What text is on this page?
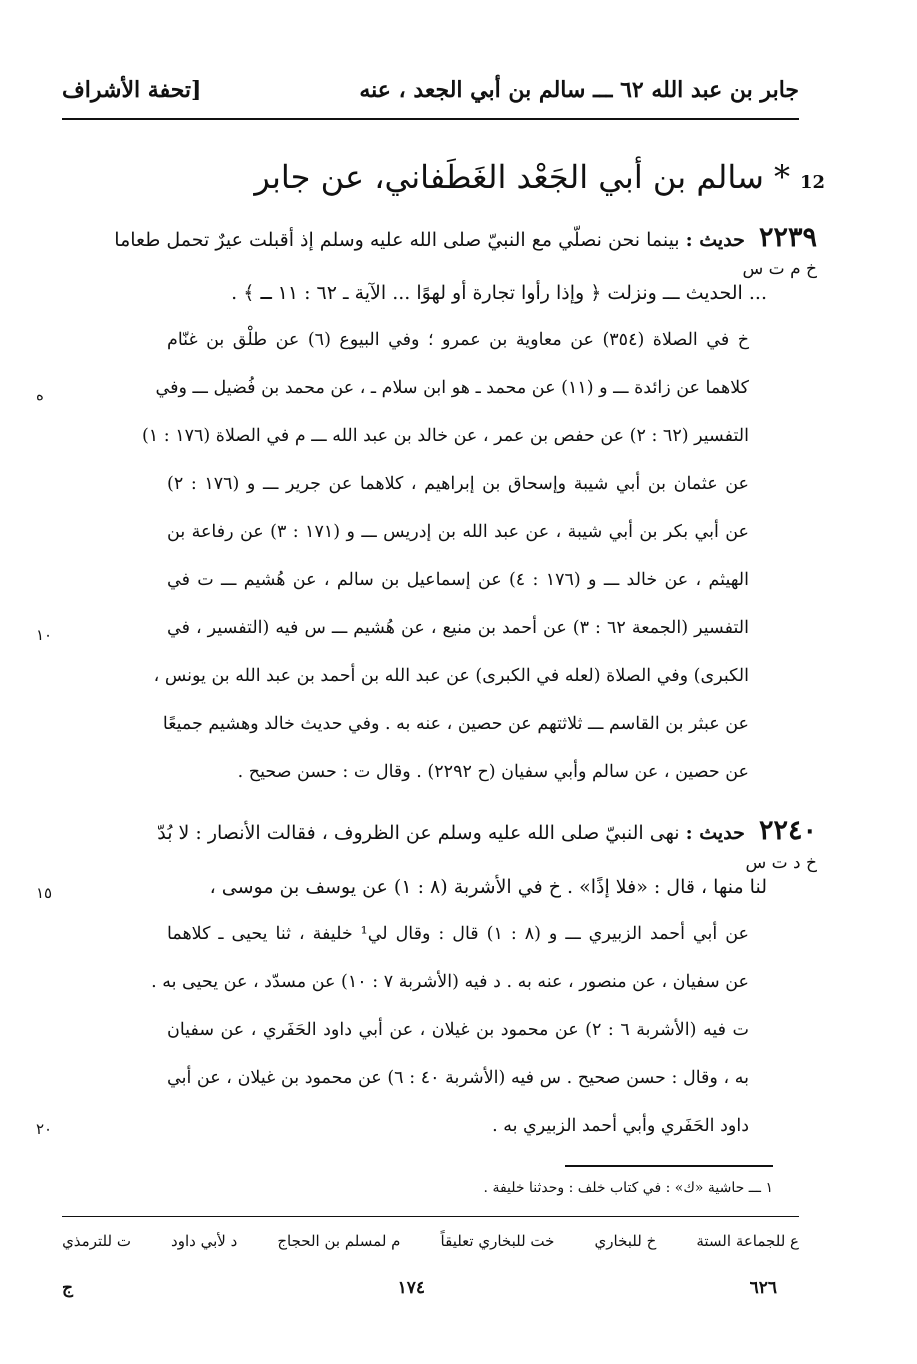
جابر بن عبد الله ٦٢ ـــ سالم بن أبي الجعد ، عنه
[تحفة الأشراف
12
*
سالم بن أبي الجَعْد الغَطَفاني، عن جابر
٢٢٣٩ حديث : بينما نحن نصلّي مع النبيّ صلى الله عليه وسلم إذ أقبلت عيرٌ تحمل طعاما
خ م ت س
... الحديث ـــ ونزلت ﴿ وإذا رأوا تجارة أو لهوًا ... الآية ـ ٦٢ : ١١ ـ ﴾ .
خ في الصلاة (٣٥٤) عن معاوية بن عمرو ؛ وفي البيوع (٦) عن طلْق بن غنّام
كلاهما عن زائدة ـــ و (١١) عن محمد ـ هو ابن سلام ـ ، عن محمد بن فُضيل ـــ وفي
التفسير (٦٢ : ٢) عن حفص بن عمر ، عن خالد بن عبد الله ـــ م في الصلاة (١٧٦ : ١)
عن عثمان بن أبي شيبة وإسحاق بن إبراهيم ، كلاهما عن جرير ـــ و (١٧٦ : ٢)
عن أبي بكر بن أبي شيبة ، عن عبد الله بن إدريس ـــ و (١٧١ : ٣) عن رفاعة بن
الهيثم ، عن خالد ـــ و (١٧٦ : ٤) عن إسماعيل بن سالم ، عن هُشيم ـــ ت في
التفسير (الجمعة ٦٢ : ٣) عن أحمد بن منيع ، عن هُشيم ـــ س فيه (التفسير ، في
الكبرى) وفي الصلاة (لعله في الكبرى) عن عبد الله بن أحمد بن عبد الله بن يونس ،
عن عبثر بن القاسم ـــ ثلاثتهم عن حصين ، عنه به . وفي حديث خالد وهشيم جميعًا
عن حصين ، عن سالم وأبي سفيان (ح ٢٢٩٢) . وقال ت : حسن صحيح .
٢٢٤٠ حديث : نهى النبيّ صلى الله عليه وسلم عن الظروف ، فقالت الأنصار : لا بُدّ
خ د ت س
لنا منها ، قال : «فلا إذًا» . خ في الأشربة (٨ : ١) عن يوسف بن موسى ،
عن أبي أحمد الزبيري ـــ و (٨ : ١) قال : وقال لي¹ خليفة ، ثنا يحيى ـ كلاهما
عن سفيان ، عن منصور ، عنه به . د فيه (الأشربة ٧ : ١٠) عن مسدّد ، عن يحيى به .
ت فيه (الأشربة ٦ : ٢) عن محمود بن غيلان ، عن أبي داود الحَفَري ، عن سفيان
به ، وقال : حسن صحيح . س فيه (الأشربة ٤٠ : ٦) عن محمود بن غيلان ، عن أبي
داود الحَفَري وأبي أحمد الزبيري به .
ه
١٠
١٥
٢٠
١ ـــ حاشية «ك» : في كتاب خلف : وحدثنا خليفة .
ع للجماعة الستة
خ للبخاري
خت للبخاري تعليقاً
م لمسلم بن الحجاج
د لأبي داود
ت للترمذي
ج	١٧٤	٦٢٦
